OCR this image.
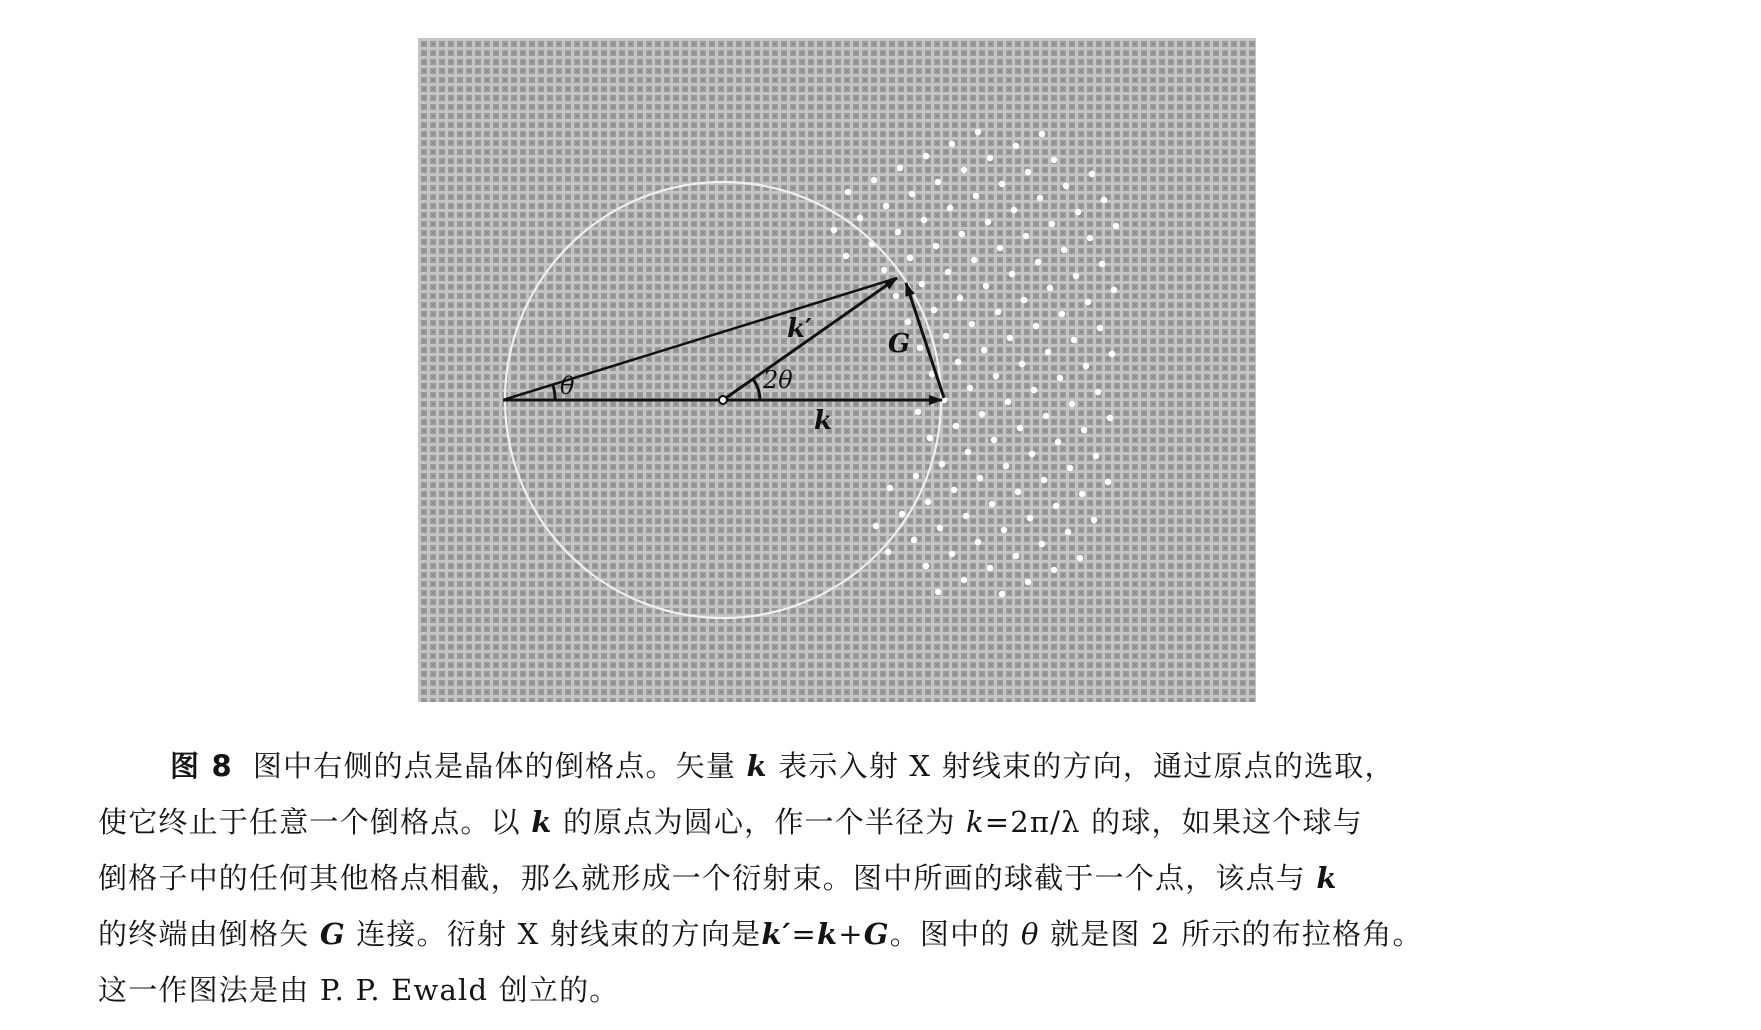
k′
k
G
θ	2θ
图 8 图中右侧的点是晶体的倒格点。矢量 k 表示入射 X 射线束的方向，通过原点的选取，
使它终止于任意一个倒格点。以 k 的原点为圆心，作一个半径为 k=2π/λ 的球，如果这个球与
倒格子中的任何其他格点相截，那么就形成一个衍射束。图中所画的球截于一个点，该点与 k
的终端由倒格矢 G 连接。衍射 X 射线束的方向是k′=k+G。图中的 θ 就是图 2 所示的布拉格角。
这一作图法是由 P. P. Ewald 创立的。
